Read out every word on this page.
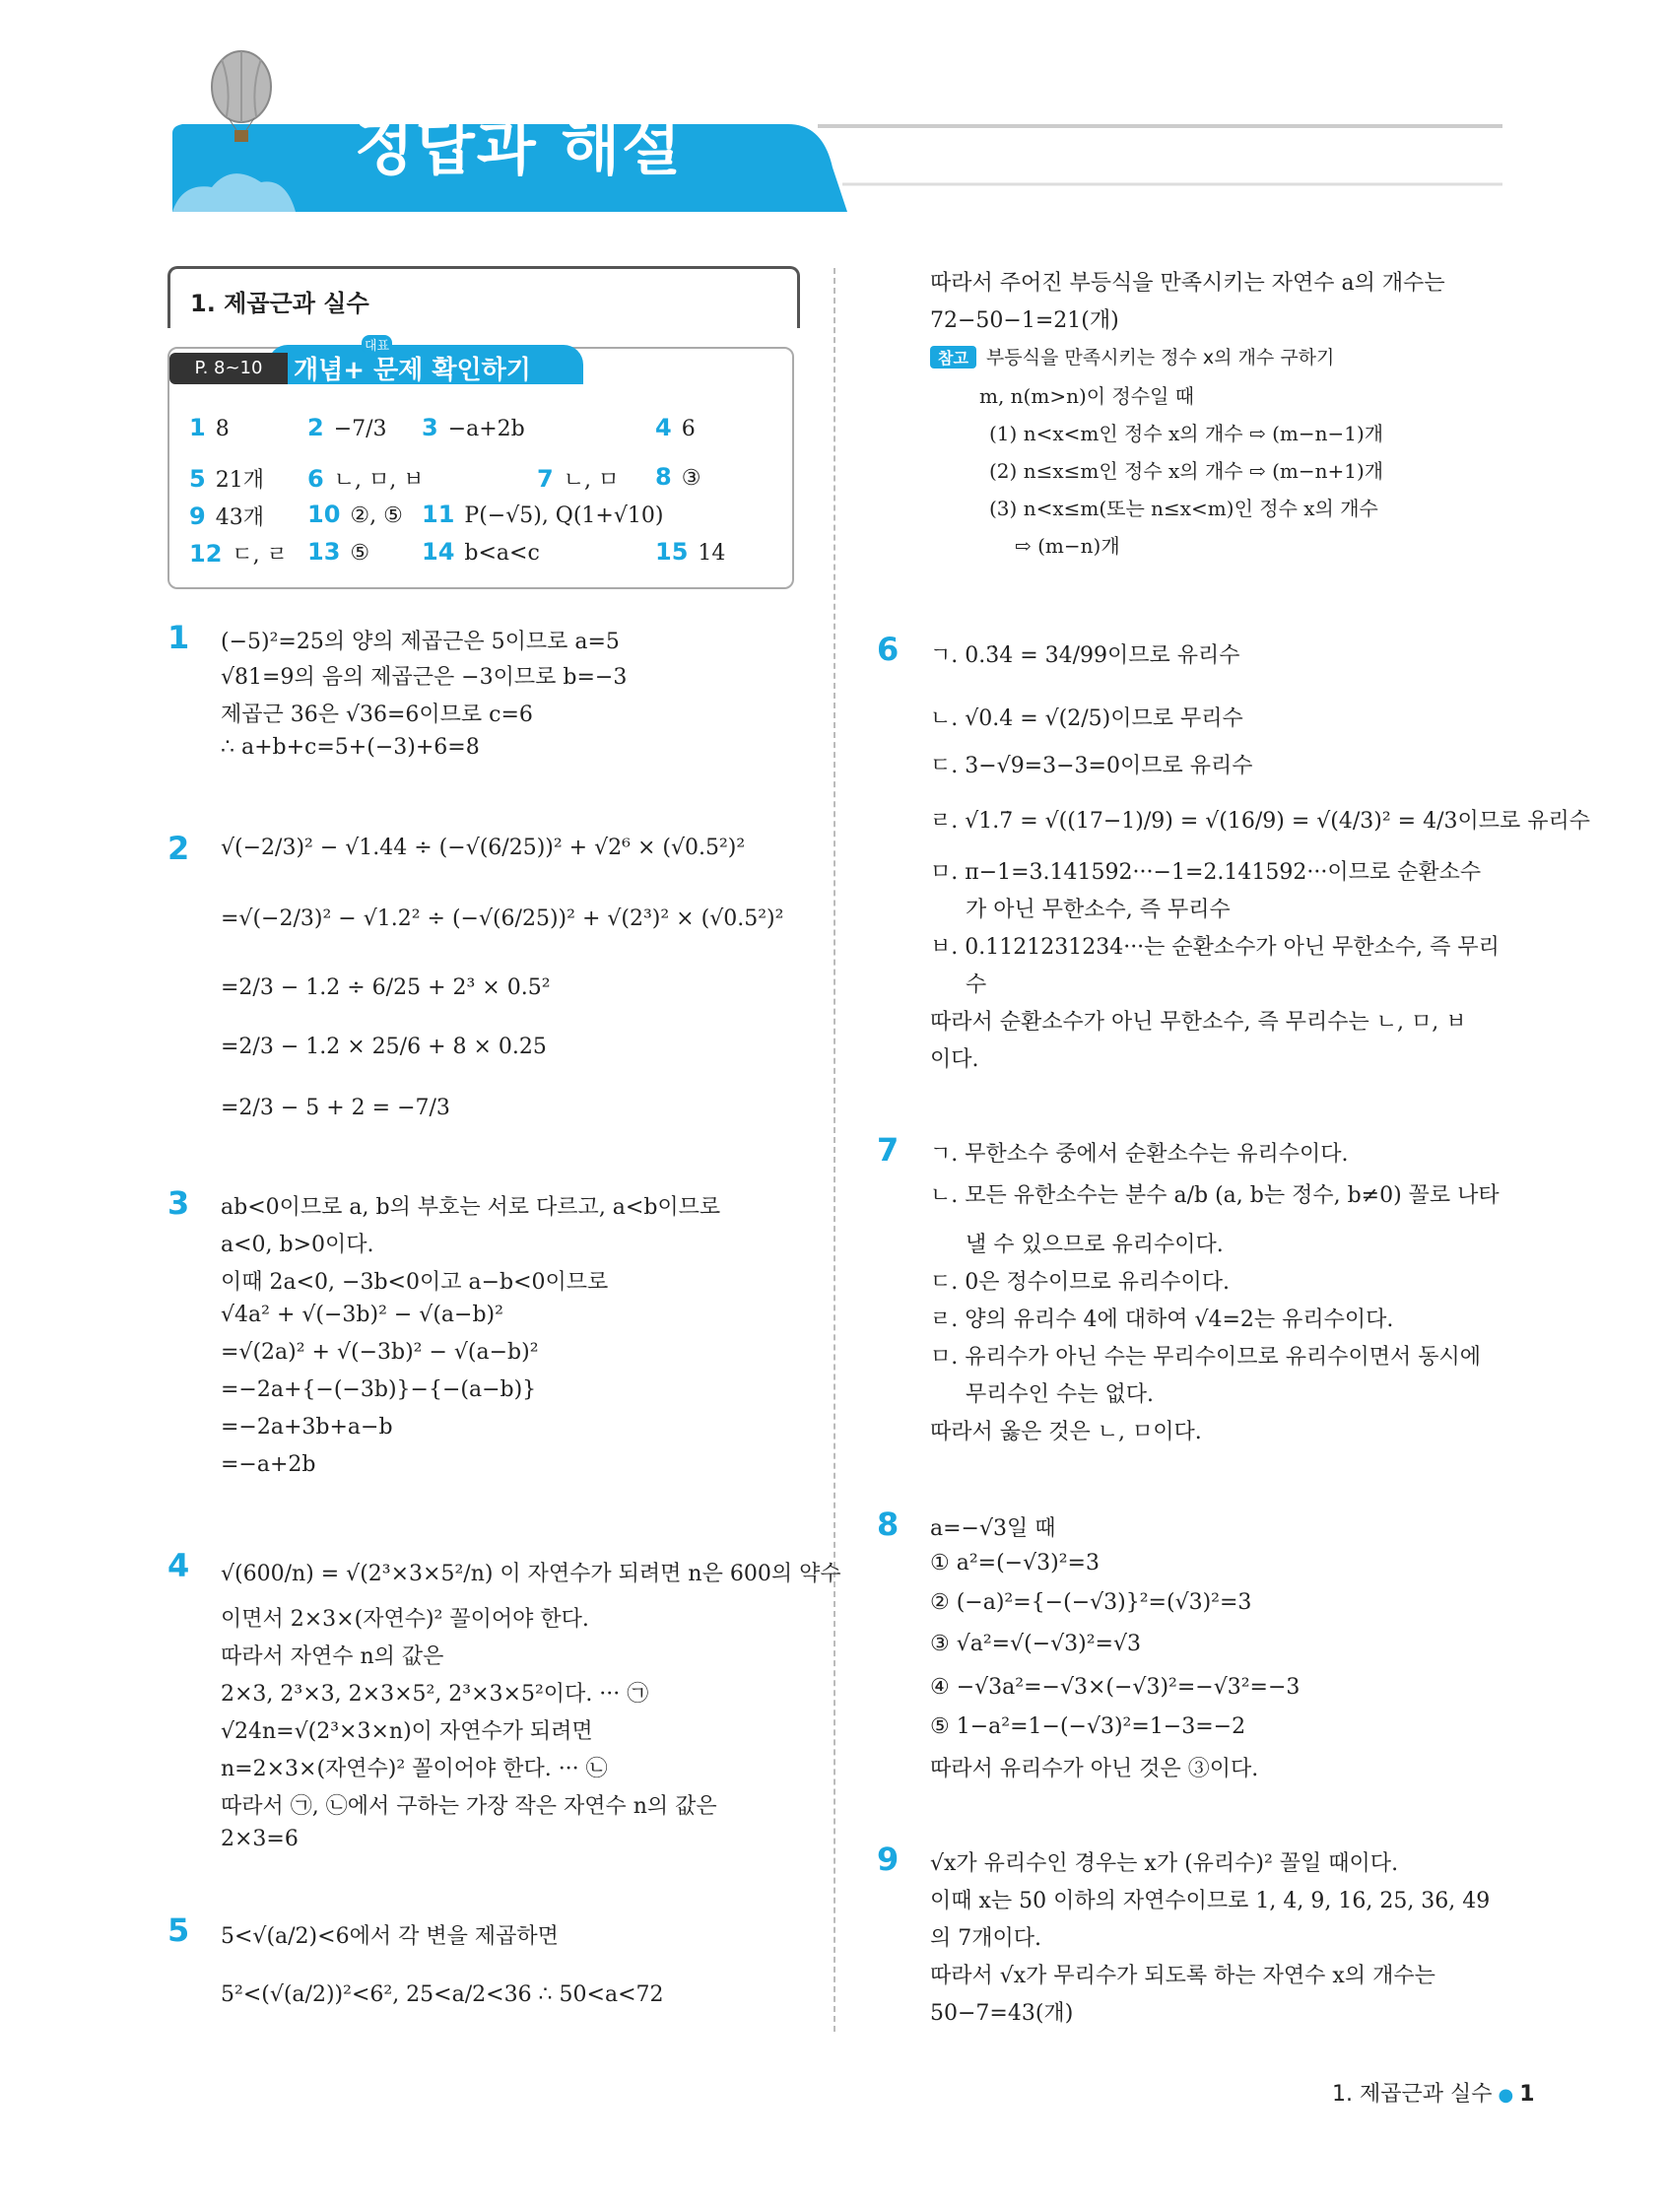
정답과 해설
1. 제곱근과 실수
P. 8~10	개념+ 문제 확인하기
대표
1 8	2 −7/3 3 −a+2b	4 6
5 21개 6 ㄴ, ㅁ, ㅂ	7 ㄴ, ㅁ 8 ③
9 43개 10 ②, ⑤ 11 P(−√5), Q(1+√10)
12 ㄷ, ㄹ 13 ⑤ 14 b<a<c	15 14
1 (−5)²=25의 양의 제곱근은 5이므로 a=5
√81=9의 음의 제곱근은 −3이므로 b=−3
제곱근 36은 √36=6이므로 c=6
∴ a+b+c=5+(−3)+6=8
2 √(−2/3)² − √1.44 ÷ (−√(6/25))² + √2⁶ × (√0.5²)²
=√(−2/3)² − √1.2² ÷ (−√(6/25))² + √(2³)² × (√0.5²)²
=2/3 − 1.2 ÷ 6/25 + 2³ × 0.5²
=2/3 − 1.2 × 25/6 + 8 × 0.25
=2/3 − 5 + 2 = −7/3
3 ab<0이므로 a, b의 부호는 서로 다르고, a<b이므로
a<0, b>0이다.
이때 2a<0, −3b<0이고 a−b<0이므로
√4a² + √(−3b)² − √(a−b)²
=√(2a)² + √(−3b)² − √(a−b)²
=−2a+{−(−3b)}−{−(a−b)}
=−2a+3b+a−b
=−a+2b
4 √(600/n) = √(2³×3×5²/n) 이 자연수가 되려면 n은 600의 약수
이면서 2×3×(자연수)² 꼴이어야 한다.
따라서 자연수 n의 값은
2×3, 2³×3, 2×3×5², 2³×3×5²이다. ··· ㉠
√24n=√(2³×3×n)이 자연수가 되려면
n=2×3×(자연수)² 꼴이어야 한다. ··· ㉡
따라서 ㉠, ㉡에서 구하는 가장 작은 자연수 n의 값은
2×3=6
5 5<√(a/2)<6에서 각 변을 제곱하면
5²<(√(a/2))²<6², 25<a/2<36 ∴ 50<a<72
따라서 주어진 부등식을 만족시키는 자연수 a의 개수는
72−50−1=21(개)
참고 부등식을 만족시키는 정수 x의 개수 구하기
m, n(m>n)이 정수일 때
(1) n<x<m인 정수 x의 개수 ⇨ (m−n−1)개
(2) n≤x≤m인 정수 x의 개수 ⇨ (m−n+1)개
(3) n<x≤m(또는 n≤x<m)인 정수 x의 개수
⇨ (m−n)개
6 ㄱ. 0.3̇4̇ = 34/99이므로 유리수
ㄴ. √0.4 = √(2/5)이므로 무리수
ㄷ. 3−√9=3−3=0이므로 유리수
ㄹ. √1.7̇ = √((17−1)/9) = √(16/9) = √(4/3)² = 4/3이므로 유리수
ㅁ. π−1=3.141592···−1=2.141592···이므로 순환소수
가 아닌 무한소수, 즉 무리수
ㅂ. 0.1121231234···는 순환소수가 아닌 무한소수, 즉 무리
수
따라서 순환소수가 아닌 무한소수, 즉 무리수는 ㄴ, ㅁ, ㅂ
이다.
7 ㄱ. 무한소수 중에서 순환소수는 유리수이다.
ㄴ. 모든 유한소수는 분수 a/b (a, b는 정수, b≠0) 꼴로 나타
낼 수 있으므로 유리수이다.
ㄷ. 0은 정수이므로 유리수이다.
ㄹ. 양의 유리수 4에 대하여 √4=2는 유리수이다.
ㅁ. 유리수가 아닌 수는 무리수이므로 유리수이면서 동시에
무리수인 수는 없다.
따라서 옳은 것은 ㄴ, ㅁ이다.
8 a=−√3일 때
① a²=(−√3)²=3
② (−a)²={−(−√3)}²=(√3)²=3
③ √a²=√(−√3)²=√3
④ −√3a²=−√3×(−√3)²=−√3²=−3
⑤ 1−a²=1−(−√3)²=1−3=−2
따라서 유리수가 아닌 것은 ③이다.
9 √x가 유리수인 경우는 x가 (유리수)² 꼴일 때이다.
이때 x는 50 이하의 자연수이므로 1, 4, 9, 16, 25, 36, 49
의 7개이다.
따라서 √x가 무리수가 되도록 하는 자연수 x의 개수는
50−7=43(개)
1. 제곱근과 실수 ● 1
